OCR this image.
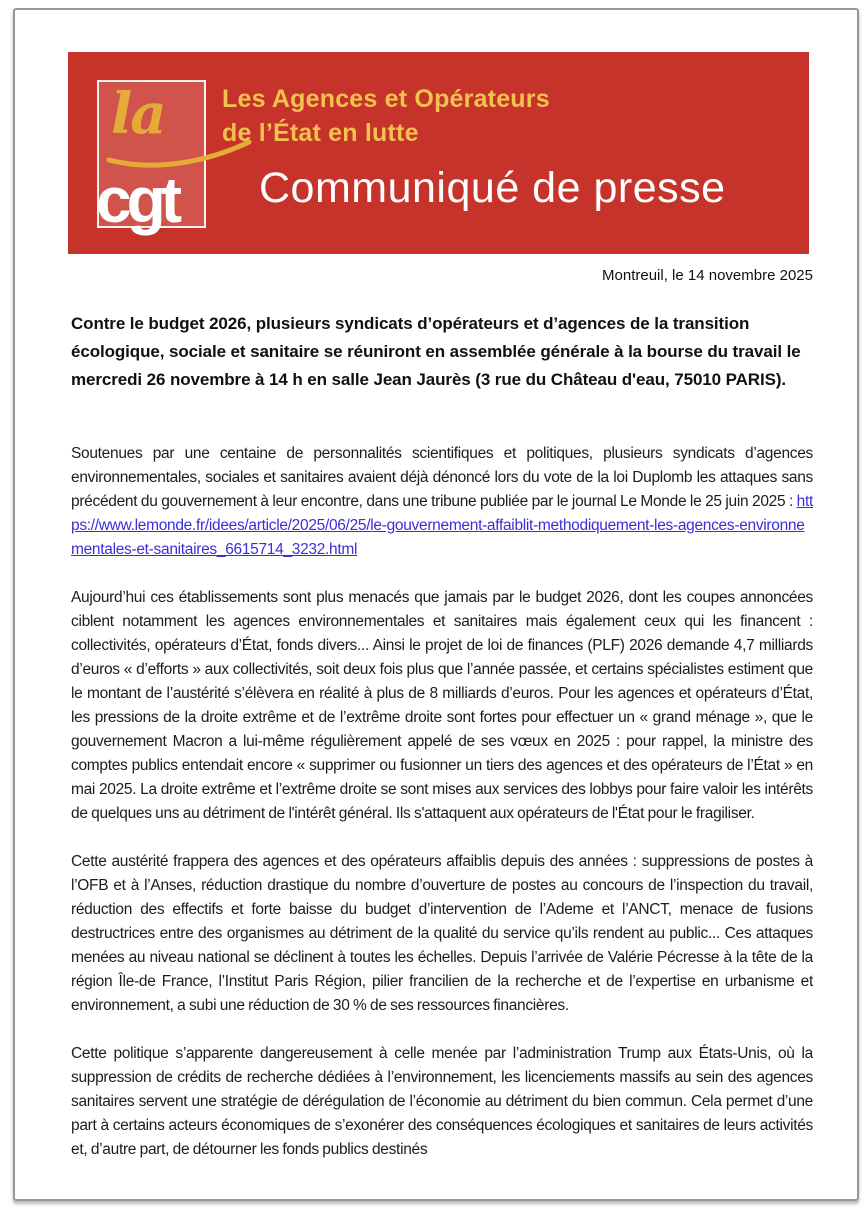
la
cgt
Les Agences et Opérateurs
de l’État en lutte
Communiqué de presse
Montreuil, le 14 novembre 2025

Contre le budget 2026, plusieurs syndicats d’opérateurs et d’agences de la transition écologique, sociale et sanitaire se réuniront en assemblée générale à la bourse du travail le mercredi 26 novembre à 14 h en salle Jean Jaurès (3 rue du Château d'eau, 75010 PARIS).

Soutenues par une centaine de personnalités scientifiques et politiques, plusieurs syndicats d’agences environnementales, sociales et sanitaires avaient déjà dénoncé lors du vote de la loi Duplomb les attaques sans précédent du gouvernement à leur encontre, dans une tribune publiée par le journal Le Monde le 25 juin 2025 : https://www.lemonde.fr/idees/article/2025/06/25/le-gouvernement-affaiblit-methodiquement-les-agences-environnementales-et-sanitaires_6615714_3232.html

Aujourd’hui ces établissements sont plus menacés que jamais par le budget 2026, dont les coupes annoncées ciblent notamment les agences environnementales et sanitaires mais également ceux qui les financent : collectivités, opérateurs d’État, fonds divers... Ainsi le projet de loi de finances (PLF) 2026 demande 4,7 milliards d’euros « d’efforts » aux collectivités, soit deux fois plus que l’année passée, et certains spécialistes estiment que le montant de l’austérité s’élèvera en réalité à plus de 8 milliards d’euros. Pour les agences et opérateurs d’État, les pressions de la droite extrême et de l’extrême droite sont fortes pour effectuer un « grand ménage », que le gouvernement Macron a lui-même régulièrement appelé de ses vœux en 2025 : pour rappel, la ministre des comptes publics entendait encore « supprimer ou fusionner un tiers des agences et des opérateurs de l’État » en mai 2025. La droite extrême et l’extrême droite se sont mises aux services des lobbys pour faire valoir les intérêts de quelques uns au détriment de l'intérêt général. Ils s'attaquent aux opérateurs de l'État pour le fragiliser.

Cette austérité frappera des agences et des opérateurs affaiblis depuis des années : suppressions de postes à l’OFB et à l’Anses, réduction drastique du nombre d’ouverture de postes au concours de l’inspection du travail, réduction des effectifs et forte baisse du budget d’intervention de l’Ademe et l’ANCT, menace de fusions destructrices entre des organismes au détriment de la qualité du service qu’ils rendent au public... Ces attaques menées au niveau national se déclinent à toutes les échelles. Depuis l’arrivée de Valérie Pécresse à la tête de la région Île-de France, l’Institut Paris Région, pilier francilien de la recherche et de l’expertise en urbanisme et environnement, a subi une réduction de 30 % de ses ressources financières.

Cette politique s’apparente dangereusement à celle menée par l’administration Trump aux États-Unis, où la suppression de crédits de recherche dédiées à l’environnement, les licenciements massifs au sein des agences sanitaires servent une stratégie de dérégulation de l’économie au détriment du bien commun. Cela permet d’une part à certains acteurs économiques de s’exonérer des conséquences écologiques et sanitaires de leurs activités et, d’autre part, de détourner les fonds publics destinés
